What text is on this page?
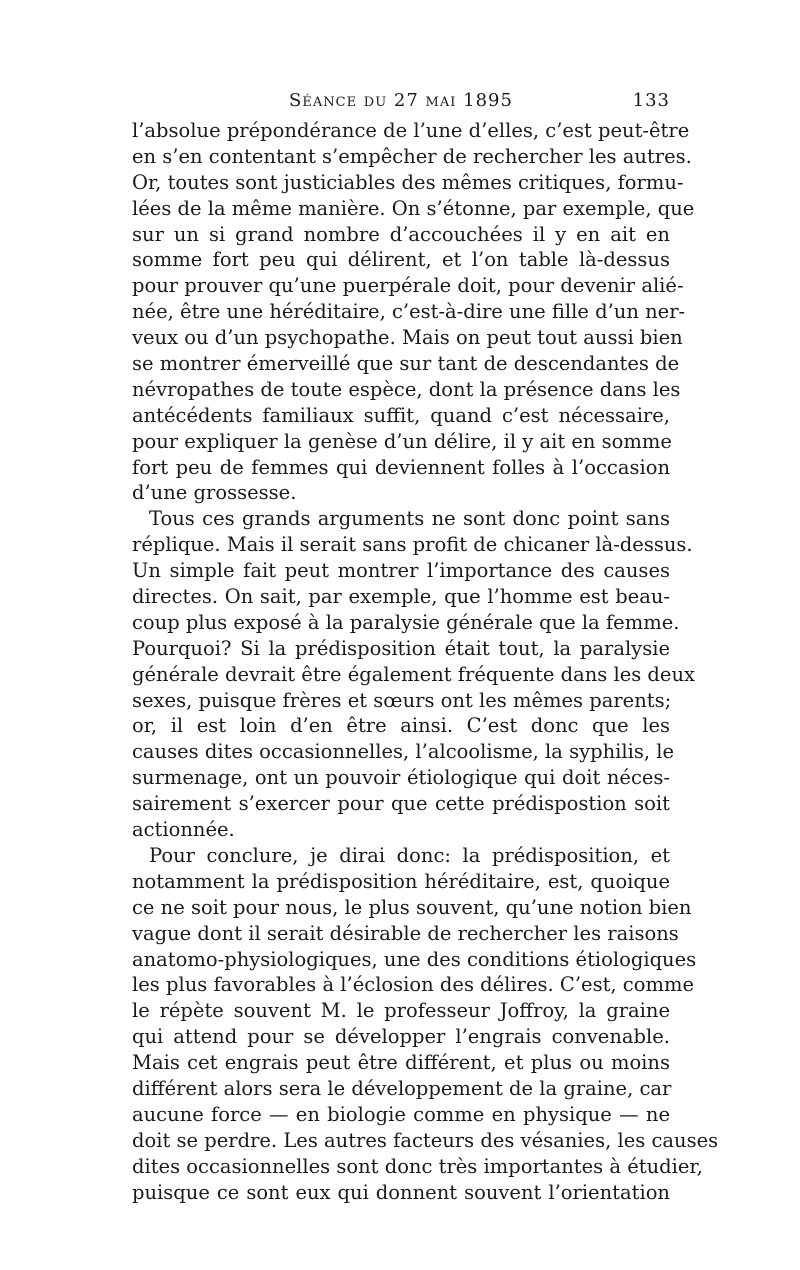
Séance du 27 mai 1895	133
l’absolue prépondérance de l’une d’elles, c’est peut-être
en s’en contentant s’empêcher de rechercher les autres.
Or, toutes sont justiciables des mêmes critiques, formu-
lées de la même manière. On s’étonne, par exemple, que
sur un si grand nombre d’accouchées il y en ait en
somme fort peu qui délirent, et l’on table là-dessus
pour prouver qu’une puerpérale doit, pour devenir alié-
née, être une héréditaire, c’est-à-dire une fille d’un ner-
veux ou d’un psychopathe. Mais on peut tout aussi bien
se montrer émerveillé que sur tant de descendantes de
névropathes de toute espèce, dont la présence dans les
antécédents familiaux suffit, quand c’est nécessaire,
pour expliquer la genèse d’un délire, il y ait en somme
fort peu de femmes qui deviennent folles à l’occasion
d’une grossesse.
Tous ces grands arguments ne sont donc point sans
réplique. Mais il serait sans profit de chicaner là-dessus.
Un simple fait peut montrer l’importance des causes
directes. On sait, par exemple, que l’homme est beau-
coup plus exposé à la paralysie générale que la femme.
Pourquoi? Si la prédisposition était tout, la paralysie
générale devrait être également fréquente dans les deux
sexes, puisque frères et sœurs ont les mêmes parents;
or, il est loin d’en être ainsi. C’est donc que les
causes dites occasionnelles, l’alcoolisme, la syphilis, le
surmenage, ont un pouvoir étiologique qui doit néces-
sairement s’exercer pour que cette prédispostion soit
actionnée.
Pour conclure, je dirai donc: la prédisposition, et
notamment la prédisposition héréditaire, est, quoique
ce ne soit pour nous, le plus souvent, qu’une notion bien
vague dont il serait désirable de rechercher les raisons
anatomo-physiologiques, une des conditions étiologiques
les plus favorables à l’éclosion des délires. C’est, comme
le répète souvent M. le professeur Joffroy, la graine
qui attend pour se développer l’engrais convenable.
Mais cet engrais peut être différent, et plus ou moins
différent alors sera le développement de la graine, car
aucune force — en biologie comme en physique — ne
doit se perdre. Les autres facteurs des vésanies, les causes
dites occasionnelles sont donc très importantes à étudier,
puisque ce sont eux qui donnent souvent l’orientation
